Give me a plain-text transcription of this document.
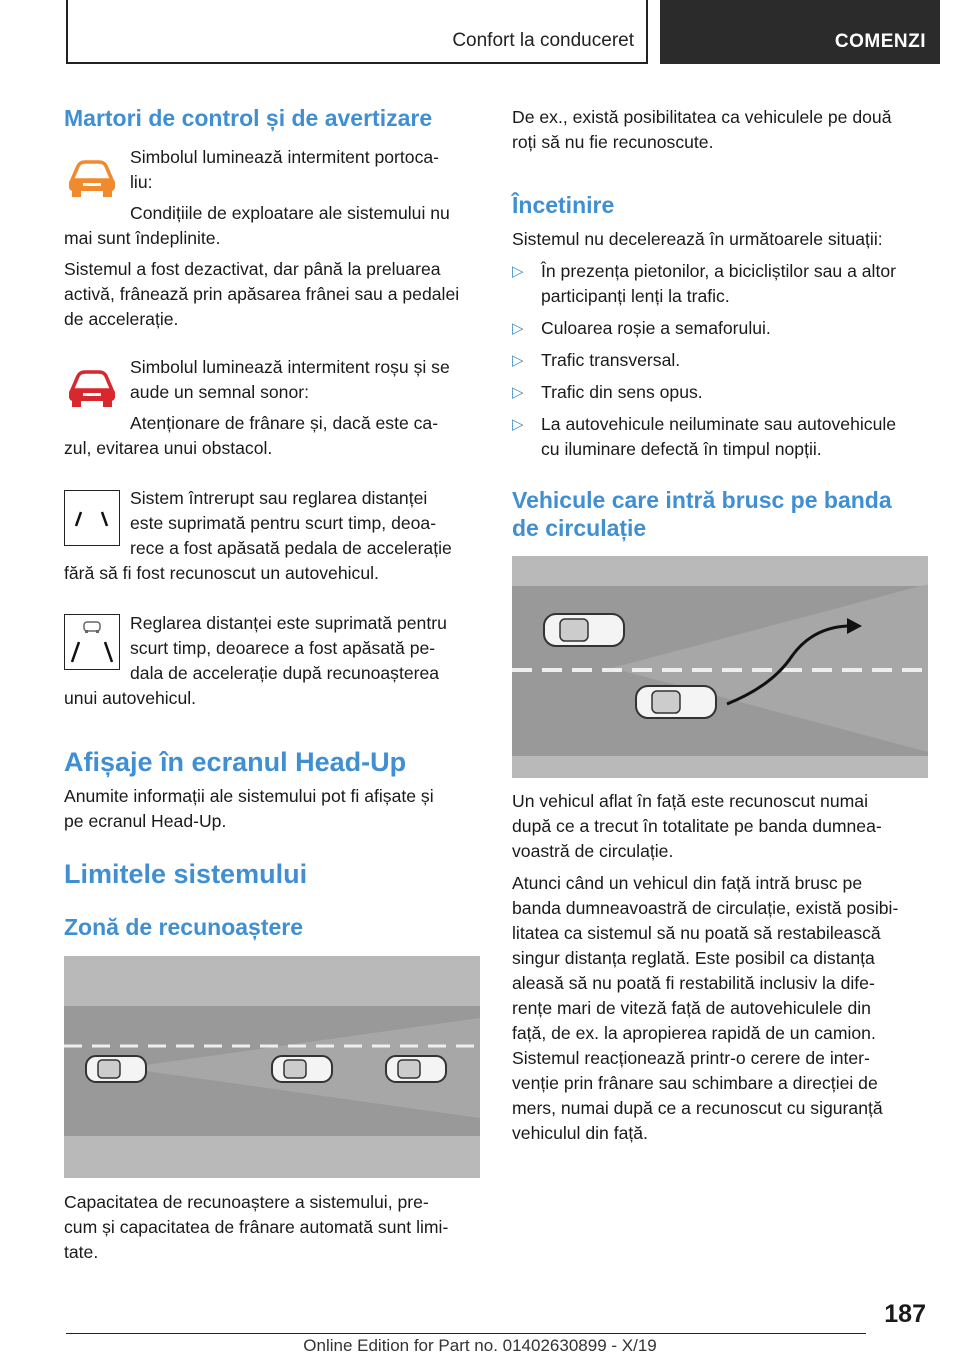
Confort la conduceret	COMENZI
Martori de control și de avertizare

Simbolul luminează intermitent portoca-

liu:

Condițiile de exploatare ale sistemului nu

mai sunt îndeplinite.

Sistemul a fost dezactivat, dar până la preluarea

activă, frânează prin apăsarea frânei sau a pedalei

de accelerație.

Simbolul luminează intermitent roșu și se

aude un semnal sonor:

Atenționare de frânare și, dacă este ca-

zul, evitarea unui obstacol.

Sistem întrerupt sau reglarea distanței

este suprimată pentru scurt timp, deoa-

rece a fost apăsată pedala de accelerație

fără să fi fost recunoscut un autovehicul.

Reglarea distanței este suprimată pentru

scurt timp, deoarece a fost apăsată pe-

dala de accelerație după recunoașterea

unui autovehicul.

Afișaje în ecranul Head-Up

Anumite informații ale sistemului pot fi afișate și

pe ecranul Head-Up.

Limitele sistemului
Zonă de recunoaștere

Capacitatea de recunoaștere a sistemului, pre-

cum și capacitatea de frânare automată sunt limi-

tate.

De ex., există posibilitatea ca vehiculele pe două

roți să nu fie recunoscute.

Încetinire

Sistemul nu decelerează în următoarele situații:

▷ În prezența pietonilor, a bicicliștilor sau a altor

participanți lenți la trafic.

▷ Culoarea roșie a semaforului.

▷ Trafic transversal.

▷ Trafic din sens opus.

▷ La autovehicule neiluminate sau autovehicule

cu iluminare defectă în timpul nopții.

Vehicule care intră brusc pe banda
de circulație

Un vehicul aflat în față este recunoscut numai

după ce a trecut în totalitate pe banda dumnea-

voastră de circulație.

Atunci când un vehicul din față intră brusc pe

banda dumneavoastră de circulație, există posibi-

litatea ca sistemul să nu poată să restabilească

singur distanța reglată. Este posibil ca distanța

aleasă să nu poată fi restabilită inclusiv la dife-

rențe mari de viteză față de autovehiculele din

față, de ex. la apropierea rapidă de un camion.

Sistemul reacționează printr-o cerere de inter-

venție prin frânare sau schimbare a direcției de

mers, numai după ce a recunoscut cu siguranță

vehiculul din față.

187
Online Edition for Part no. 01402630899 - X/19
